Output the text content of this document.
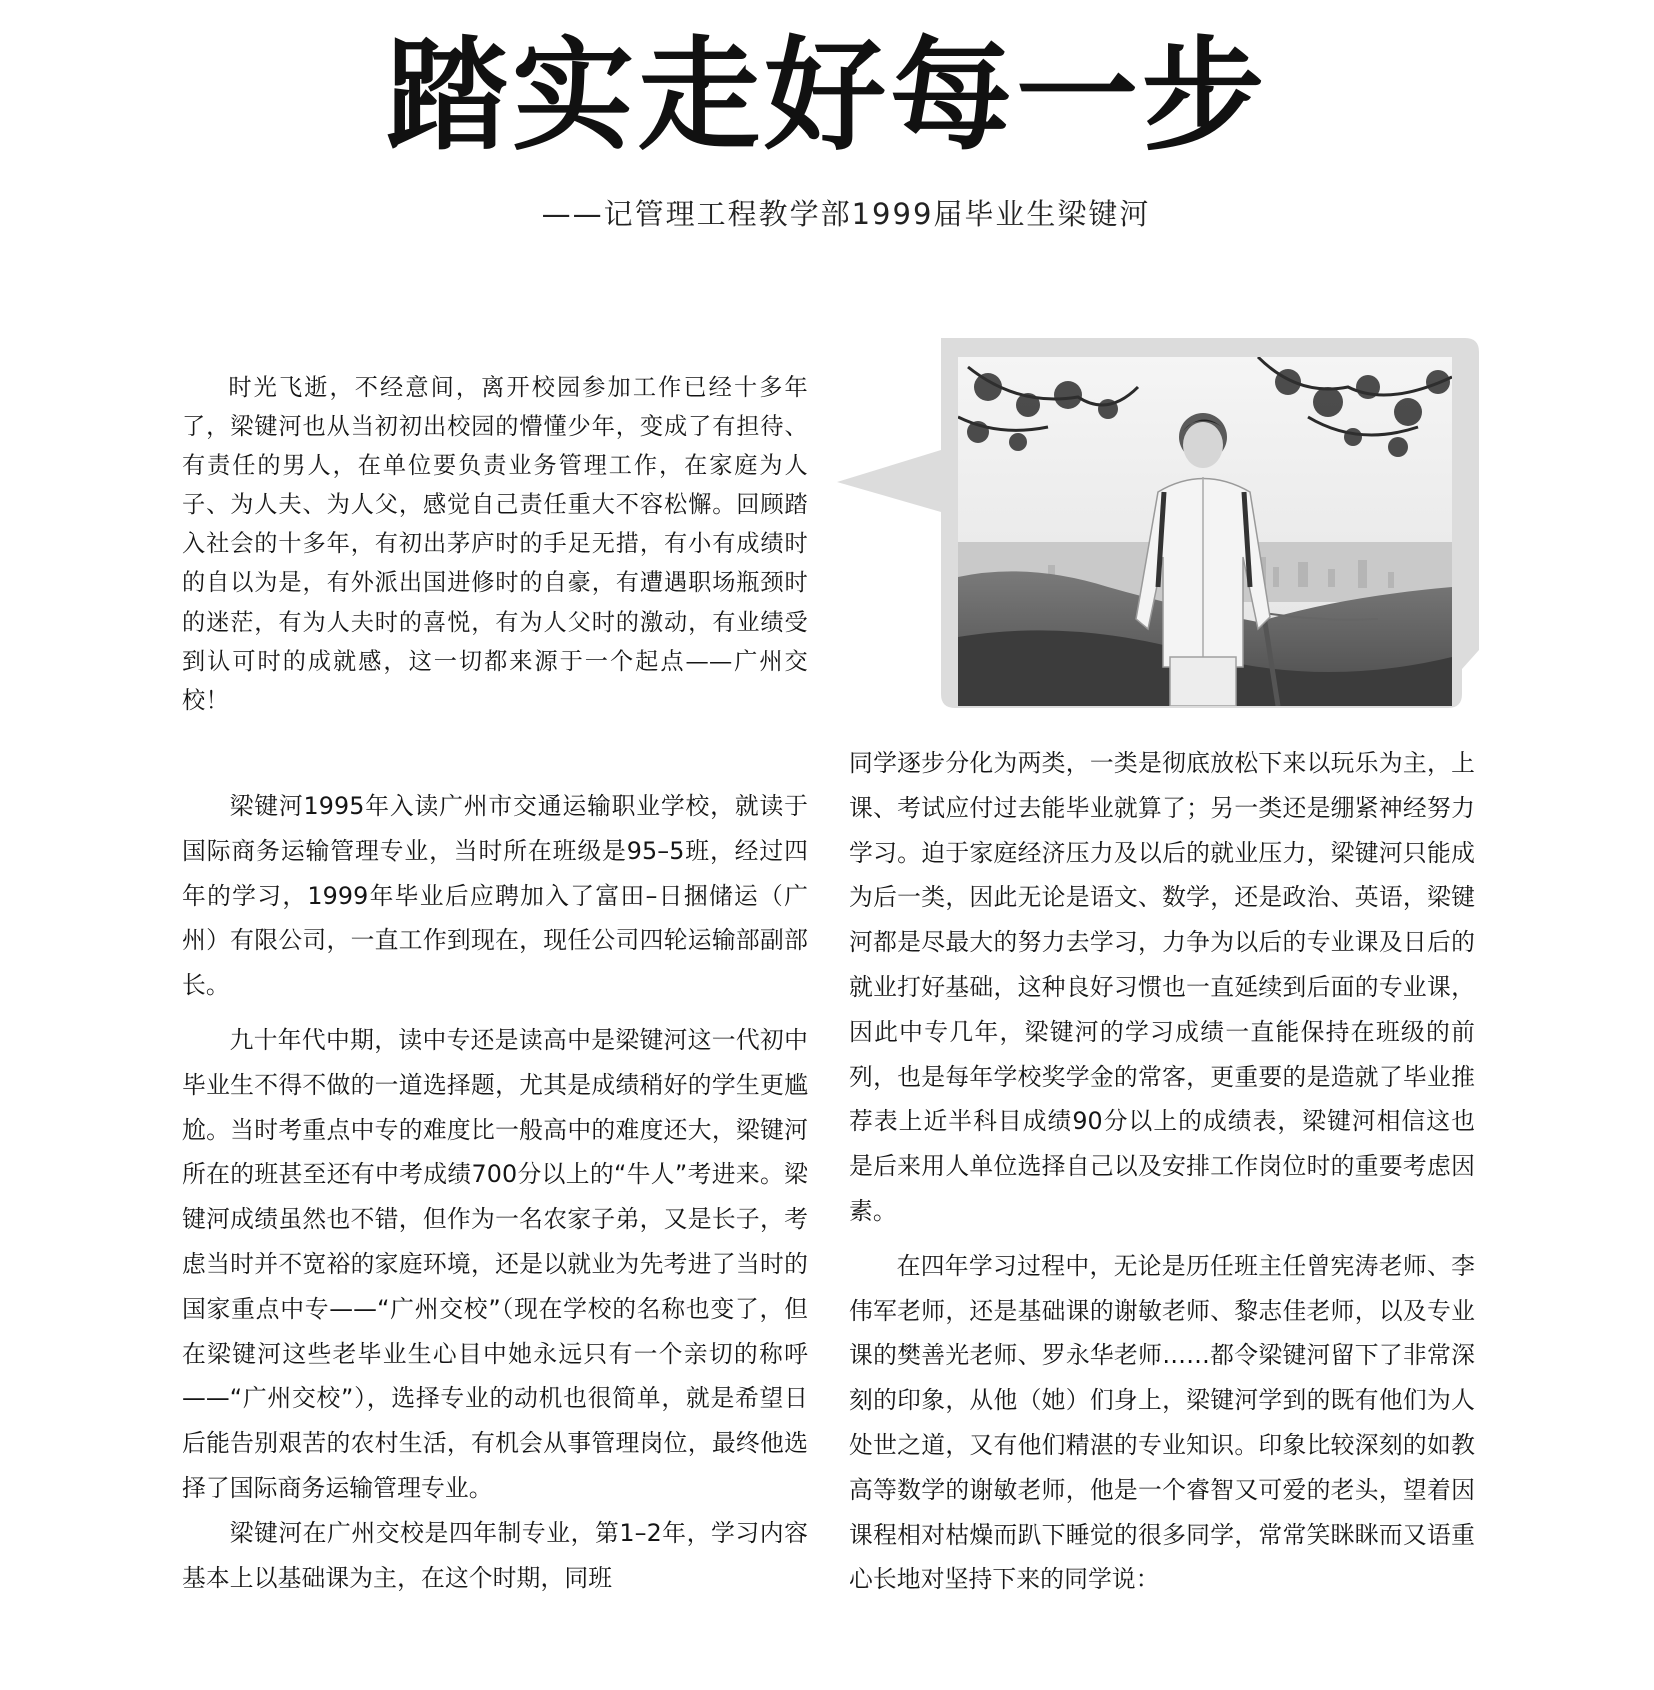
踏实走好每一步
——记管理工程教学部1999届毕业生梁键河

时光飞逝，不经意间，离开校园参加工作已经十多年了，梁键河也从当初初出校园的懵懂少年，变成了有担待、有责任的男人，在单位要负责业务管理工作，在家庭为人子、为人夫、为人父，感觉自己责任重大不容松懈。回顾踏入社会的十多年，有初出茅庐时的手足无措，有小有成绩时的自以为是，有外派出国进修时的自豪，有遭遇职场瓶颈时的迷茫，有为人夫时的喜悦，有为人父时的激动，有业绩受到认可时的成就感，这一切都来源于一个起点——广州交校！

梁键河1995年入读广州市交通运输职业学校，就读于国际商务运输管理专业，当时所在班级是95–5班，经过四年的学习，1999年毕业后应聘加入了富田–日捆储运（广州）有限公司，一直工作到现在，现任公司四轮运输部副部长。

九十年代中期，读中专还是读高中是梁键河这一代初中毕业生不得不做的一道选择题，尤其是成绩稍好的学生更尴尬。当时考重点中专的难度比一般高中的难度还大，梁键河所在的班甚至还有中考成绩700分以上的“牛人”考进来。梁键河成绩虽然也不错，但作为一名农家子弟，又是长子，考虑当时并不宽裕的家庭环境，还是以就业为先考进了当时的国家重点中专——“广州交校”（现在学校的名称也变了，但在梁键河这些老毕业生心目中她永远只有一个亲切的称呼——“广州交校”），选择专业的动机也很简单，就是希望日后能告别艰苦的农村生活，有机会从事管理岗位，最终他选择了国际商务运输管理专业。

梁键河在广州交校是四年制专业，第1–2年，学习内容基本上以基础课为主，在这个时期，同班

同学逐步分化为两类，一类是彻底放松下来以玩乐为主，上课、考试应付过去能毕业就算了；另一类还是绷紧神经努力学习。迫于家庭经济压力及以后的就业压力，梁键河只能成为后一类，因此无论是语文、数学，还是政治、英语，梁键河都是尽最大的努力去学习，力争为以后的专业课及日后的就业打好基础，这种良好习惯也一直延续到后面的专业课，因此中专几年，梁键河的学习成绩一直能保持在班级的前列，也是每年学校奖学金的常客，更重要的是造就了毕业推荐表上近半科目成绩90分以上的成绩表，梁键河相信这也是后来用人单位选择自己以及安排工作岗位时的重要考虑因素。

在四年学习过程中，无论是历任班主任曾宪涛老师、李伟军老师，还是基础课的谢敏老师、黎志佳老师，以及专业课的樊善光老师、罗永华老师……都令梁键河留下了非常深刻的印象，从他（她）们身上，梁键河学到的既有他们为人处世之道，又有他们精湛的专业知识。印象比较深刻的如教高等数学的谢敏老师，他是一个睿智又可爱的老头，望着因课程相对枯燥而趴下睡觉的很多同学，常常笑眯眯而又语重心长地对坚持下来的同学说：
